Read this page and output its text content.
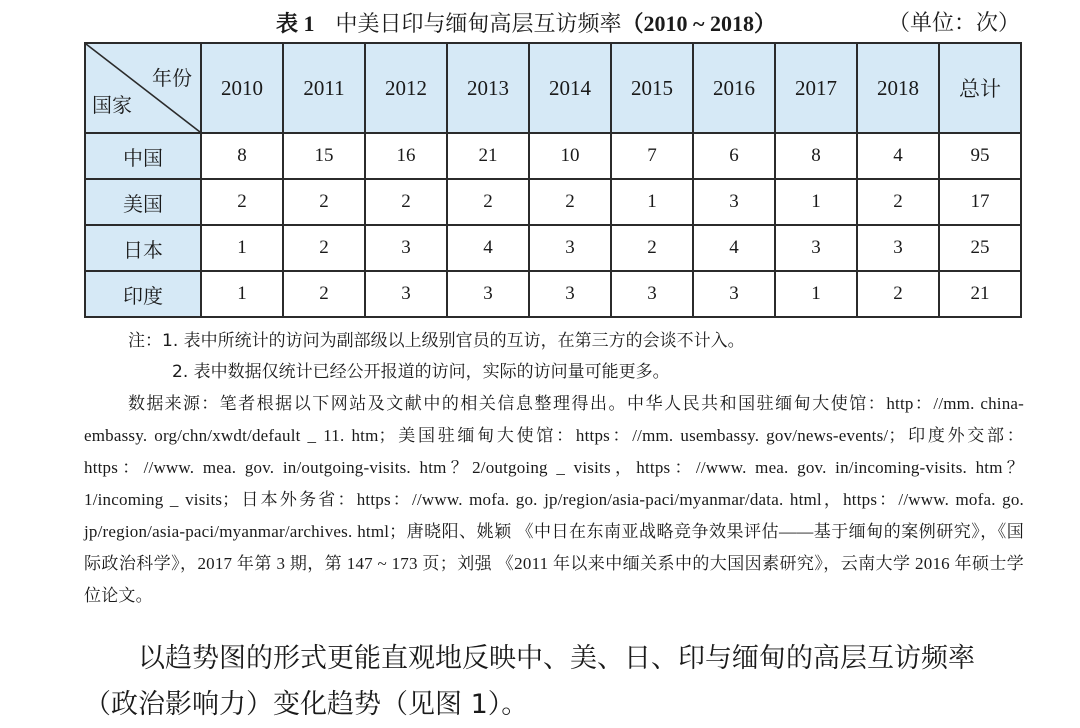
表 1 中美日印与缅甸高层互访频率（2010 ~ 2018）	（单位：次）
年份
国家	2010	2011	2012	2013	2014	2015	2016	2017	2018	总计
中国	8	15	16	21	10	7	6	8	4	95
美国	2	2	2	2	2	1	3	1	2	17
日本	1	2	3	4	3	2	4	3	3	25
印度	1	2	3	3	3	3	3	1	2	21
注：1. 表中所统计的访问为副部级以上级别官员的互访，在第三方的会谈不计入。
2. 表中数据仅统计已经公开报道的访问，实际的访问量可能更多。
数据来源：笔者根据以下网站及文献中的相关信息整理得出。中华人民共和国驻缅甸大使馆：http：//mm. china-embassy. org/chn/xwdt/default _ 11. htm；美国驻缅甸大使馆：https：//mm. usembassy. gov/news-events/；印度外交部：https：//www. mea. gov. in/outgoing-visits. htm？2/outgoing _ visits，https：//www. mea. gov. in/incoming-visits. htm？1/incoming _ visits；日本外务省：https：//www. mofa. go. jp/region/asia-paci/myanmar/data. html，https：//www. mofa. go. jp/region/asia-paci/myanmar/archives. html；唐晓阳、姚颖 《中日在东南亚战略竞争效果评估——基于缅甸的案例研究》，《国际政治科学》，2017 年第 3 期，第 147 ~ 173 页；刘强 《2011 年以来中缅关系中的大国因素研究》，云南大学 2016 年硕士学位论文。
以趋势图的形式更能直观地反映中、美、日、印与缅甸的高层互访频率（政治影响力）变化趋势（见图 1）。
